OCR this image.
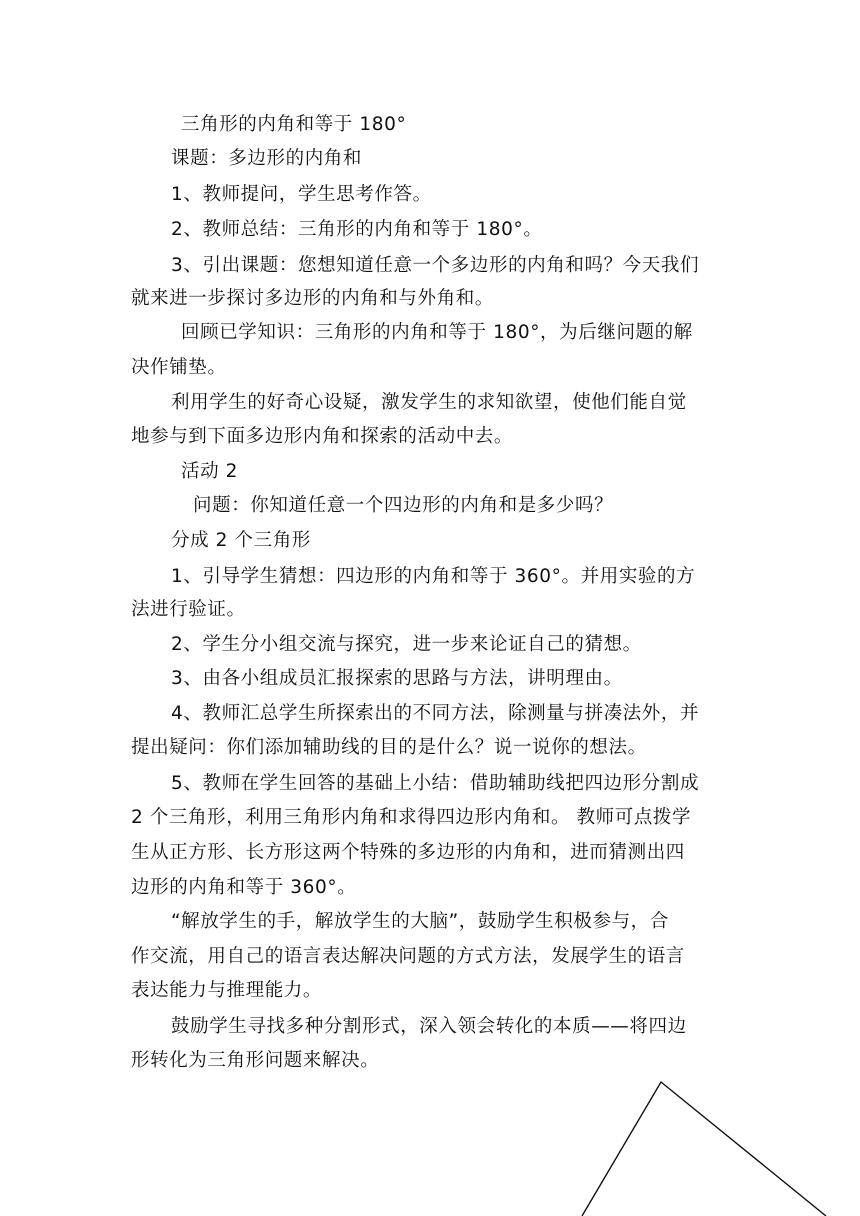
三角形的内角和等于 180°
课题：多边形的内角和
1、教师提问，学生思考作答。
2、教师总结：三角形的内角和等于 180°。
3、引出课题：您想知道任意一个多边形的内角和吗？今天我们
就来进一步探讨多边形的内角和与外角和。
回顾已学知识：三角形的内角和等于 180°，为后继问题的解
决作铺垫。
利用学生的好奇心设疑，激发学生的求知欲望，使他们能自觉
地参与到下面多边形内角和探索的活动中去。
活动 2
问题：你知道任意一个四边形的内角和是多少吗？
分成 2 个三角形
1、引导学生猜想：四边形的内角和等于 360°。并用实验的方
法进行验证。
2、学生分小组交流与探究，进一步来论证自己的猜想。
3、由各小组成员汇报探索的思路与方法，讲明理由。
4、教师汇总学生所探索出的不同方法，除测量与拼凑法外，并
提出疑问：你们添加辅助线的目的是什么？说一说你的想法。
5、教师在学生回答的基础上小结：借助辅助线把四边形分割成
2 个三角形，利用三角形内角和求得四边形内角和。 教师可点拨学
生从正方形、长方形这两个特殊的多边形的内角和，进而猜测出四
边形的内角和等于 360°。
“解放学生的手，解放学生的大脑”，鼓励学生积极参与，合
作交流，用自己的语言表达解决问题的方式方法，发展学生的语言
表达能力与推理能力。
鼓励学生寻找多种分割形式，深入领会转化的本质——将四边
形转化为三角形问题来解决。
